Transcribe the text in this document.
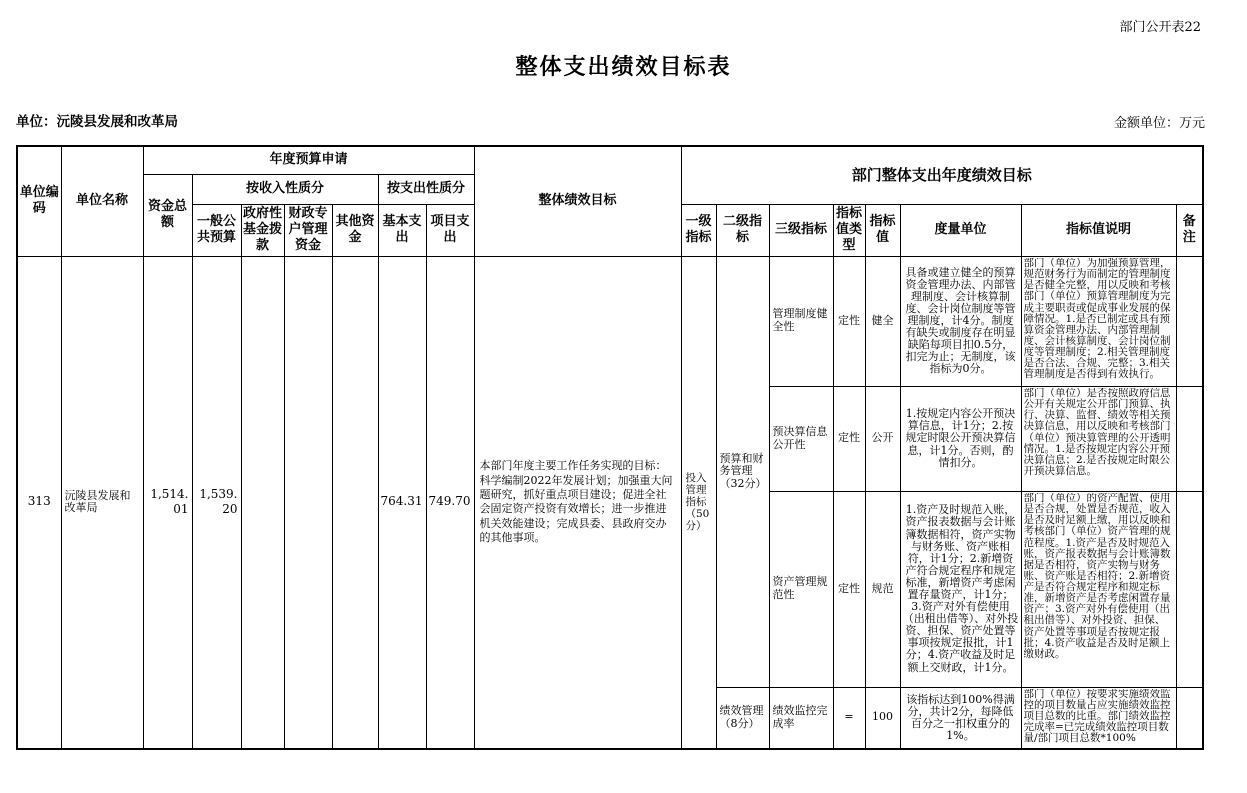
部门公开表22
整体支出绩效目标表
单位：沅陵县发展和改革局	金额单位：万元
单位编码	单位名称	年度预算申请							整体绩效目标	部门整体支出年度绩效目标							
		资金总额	按收入性质分				按支出性质分										
			一般公共预算	政府性基金拨款	财政专户管理资金	其他资金	基本支出	项目支出		一级指标	二级指标	三级指标	指标值类型	指标值	度量单位	指标值说明	备注
313	沅陵县发展和改革局	1,514.01	1,539.20				764.31	749.70	本部门年度主要工作任务实现的目标：科学编制2022年发展计划；加强重大问题研究，抓好重点项目建设；促进全社会固定资产投资有效增长；进一步推进机关效能建设；完成县委、县政府交办的其他事项。	投入管理指标（50分）	预算和财务管理（32分）	管理制度健全性	定性	健全	具备或建立健全的预算资金管理办法、内部管理制度、会计核算制度、会计岗位制度等管理制度，计4分。制度有缺失或制度存在明显缺陷每项目扣0.5分，扣完为止；无制度，该指标为0分。	部门（单位）为加强预算管理，规范财务行为而制定的管理制度是否健全完整，用以反映和考核部门（单位）预算管理制度为完成主要职责或促成事业发展的保障情况。1.是否已制定或具有预算资金管理办法、内部管理制度、会计核算制度、会计岗位制度等管理制度；2.相关管理制度是否合法、合规、完整；3.相关管理制度是否得到有效执行。	

												预决算信息公开性	定性	公开	1.按规定内容公开预决算信息，计1分；2.按规定时限公开预决算信息，计1分。否则，酌情扣分。	部门（单位）是否按照政府信息公开有关规定公开部门预算、执行、决算、监督、绩效等相关预决算信息，用以反映和考核部门（单位）预决算管理的公开透明情况。1.是否按规定内容公开预决算信息；2.是否按规定时限公开预决算信息。	

												资产管理规范性	定性	规范	1.资产及时规范入账，资产报表数据与会计账簿数据相符，资产实物与财务账、资产账相符，计1分；2.新增资产符合规定程序和规定标准，新增资产考虑闲置存量资产，计1分；3.资产对外有偿使用（出租出借等）、对外投资、担保、资产处置等事项按规定报批，计1分；4.资产收益及时足额上交财政，计1分。	部门（单位）的资产配置、使用是否合规，处置是否规范，收入是否及时足额上缴，用以反映和考核部门（单位）资产管理的规范程度。1.资产是否及时规范入账，资产报表数据与会计账簿数据是否相符，资产实物与财务账、资产账是否相符；2.新增资产是否符合规定程序和规定标准，新增资产是否考虑闲置存量资产；3.资产对外有偿使用（出租出借等）、对外投资、担保、资产处置等事项是否按规定报批；4.资产收益是否及时足额上缴财政。	

											绩效管理（8分）	绩效监控完成率	=	100	该指标达到100%得满分，共计2分，每降低百分之一扣权重分的1%。	部门（单位）按要求实施绩效监控的项目数量占应实施绩效监控项目总数的比重。部门绩效监控完成率=已完成绩效监控项目数量/部门项目总数*100%	
